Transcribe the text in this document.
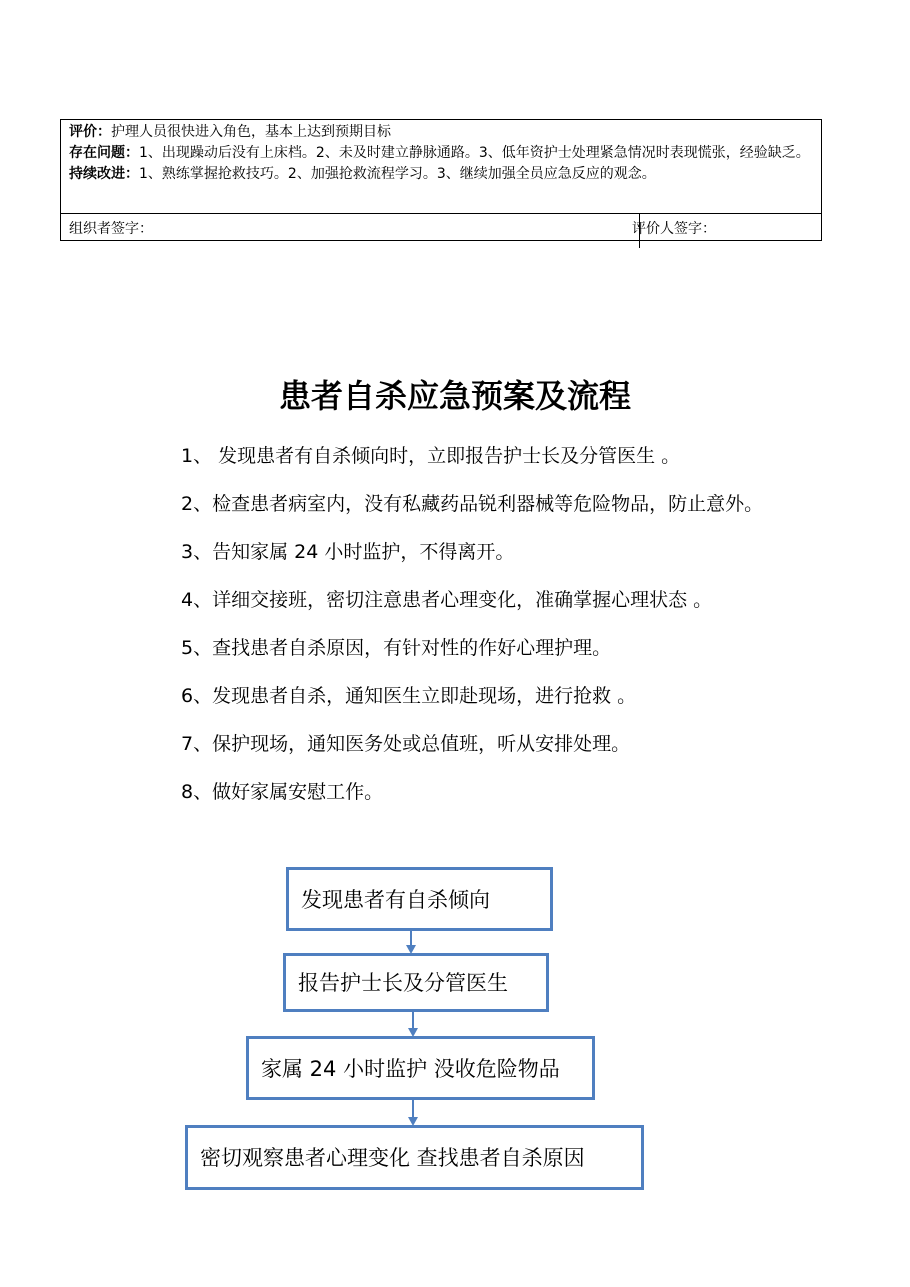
评价：护理人员很快进入角色，基本上达到预期目标
存在问题：1、出现躁动后没有上床档。2、未及时建立静脉通路。3、低年资护士处理紧急情况时表现慌张，经验缺乏。
持续改进：1、熟练掌握抢救技巧。2、加强抢救流程学习。3、继续加强全员应急反应的观念。
组织者签字：	评价人签字：
患者自杀应急预案及流程

1、 发现患者有自杀倾向时，立即报告护士长及分管医生 。

2、检查患者病室内，没有私藏药品锐利器械等危险物品，防止意外。

3、告知家属 24 小时监护，不得离开。

4、详细交接班，密切注意患者心理变化，准确掌握心理状态 。

5、查找患者自杀原因，有针对性的作好心理护理。

6、发现患者自杀，通知医生立即赴现场，进行抢救 。

7、保护现场，通知医务处或总值班，听从安排处理。

8、做好家属安慰工作。

发现患者有自杀倾向
报告护士长及分管医生
家属 24 小时监护 没收危险物品
密切观察患者心理变化 查找患者自杀原因
